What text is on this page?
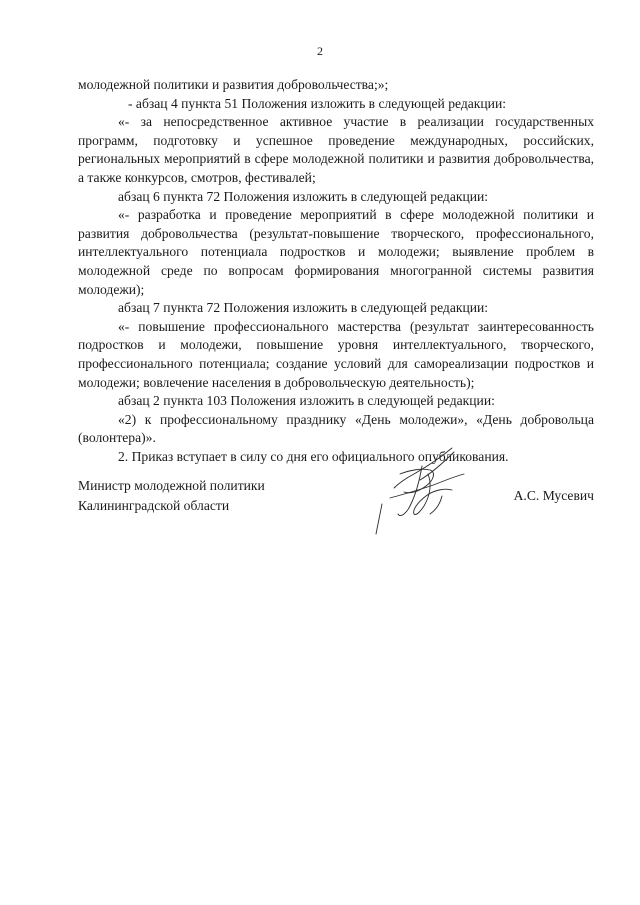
2

молодежной политики и развития добровольчества;»;

- абзац 4 пункта 51 Положения изложить в следующей редакции:

«- за непосредственное активное участие в реализации государственных программ, подготовку и успешное проведение международных, российских, региональных мероприятий в сфере молодежной политики и развития добровольчества, а также конкурсов, смотров, фестивалей;

абзац 6 пункта 72 Положения изложить в следующей редакции:

«- разработка и проведение мероприятий в сфере молодежной политики и развития добровольчества (результат-повышение творческого, профессионального, интеллектуального потенциала подростков и молодежи; выявление проблем в молодежной среде по вопросам формирования многогранной системы развития молодежи);

абзац 7 пункта 72 Положения изложить в следующей редакции:

«- повышение профессионального мастерства (результат заинтересованность подростков и молодежи, повышение уровня интеллектуального, творческого, профессионального потенциала; создание условий для самореализации подростков и молодежи; вовлечение населения в добровольческую деятельность);

абзац 2 пункта 103 Положения изложить в следующей редакции:

«2) к профессиональному празднику «День молодежи», «День добровольца (волонтера)».

2. Приказ вступает в силу со дня его официального опубликования.

Министр молодежной политики
Калининградской области
А.С. Мусевич
